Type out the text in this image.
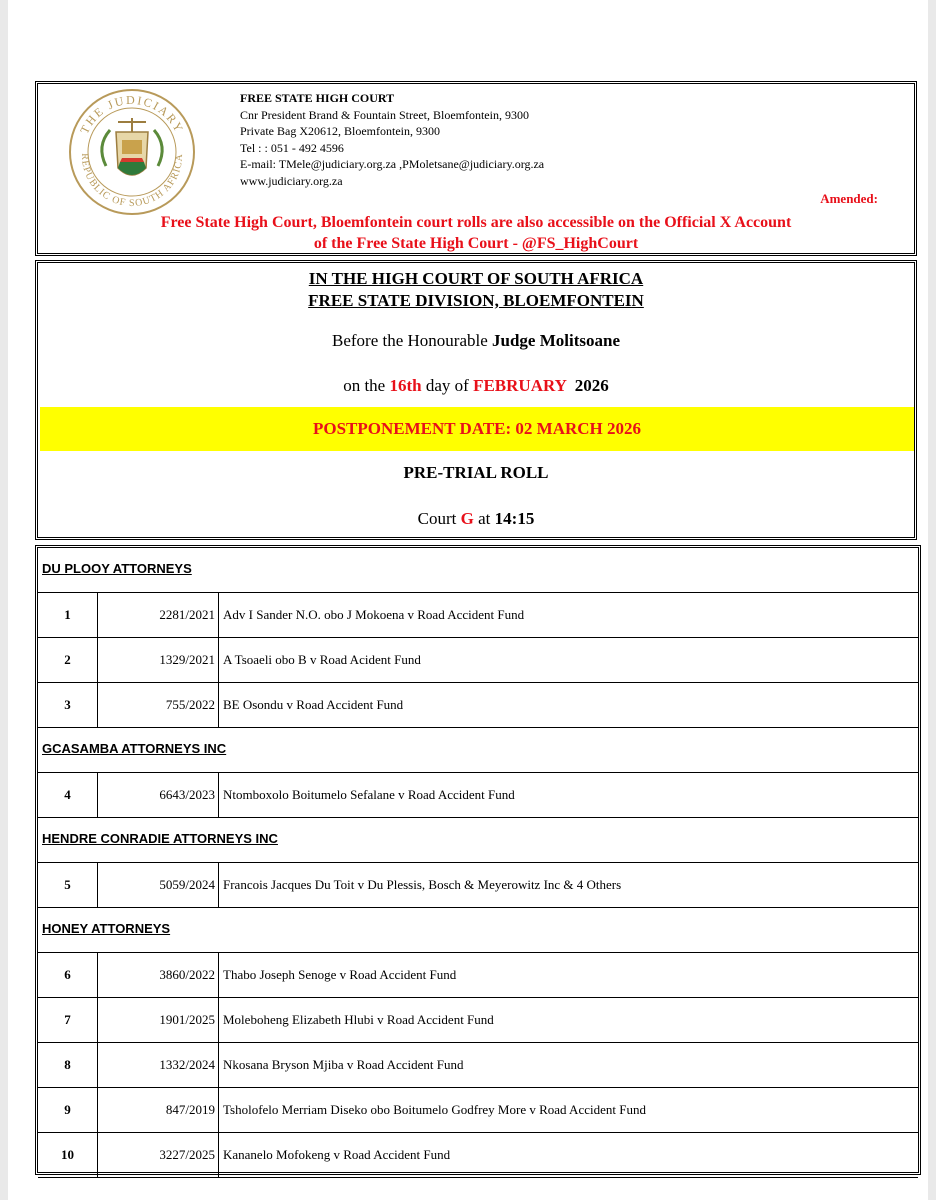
THE JUDICIARY
REPUBLIC OF SOUTH AFRICA
FREE STATE HIGH COURT
Cnr President Brand & Fountain Street, Bloemfontein, 9300
Private Bag X20612, Bloemfontein, 9300
Tel : : 051 - 492 4596
E-mail: TMele@judiciary.org.za ,PMoletsane@judiciary.org.za
www.judiciary.org.za
Amended:
Free State High Court, Bloemfontein court rolls are also accessible on the Official X Account
of the Free State High Court - @FS_HighCourt
IN THE HIGH COURT OF SOUTH AFRICA
FREE STATE DIVISION, BLOEMFONTEIN
Before the Honourable Judge Molitsoane
on the 16th day of FEBRUARY  2026
POSTPONEMENT DATE: 02 MARCH 2026
PRE-TRIAL ROLL
Court G at 14:15
DU PLOOY ATTORNEYS
1	2281/2021 Adv I Sander N.O. obo J Mokoena v Road Accident Fund
2	1329/2021 A Tsoaeli obo B v Road Acident Fund
3	755/2022 BE Osondu v Road Accident Fund
GCASAMBA ATTORNEYS INC
4	6643/2023 Ntomboxolo Boitumelo Sefalane v Road Accident Fund
HENDRE CONRADIE ATTORNEYS INC
5	5059/2024 Francois Jacques Du Toit v Du Plessis, Bosch & Meyerowitz Inc & 4 Others
HONEY ATTORNEYS
6	3860/2022 Thabo Joseph Senoge v Road Accident Fund
7	1901/2025 Moleboheng Elizabeth Hlubi v Road Accident Fund
8	1332/2024 Nkosana Bryson Mjiba v Road Accident Fund
9	847/2019 Tsholofelo Merriam Diseko obo Boitumelo Godfrey More v Road Accident Fund
10	3227/2025 Kananelo Mofokeng v Road Accident Fund
